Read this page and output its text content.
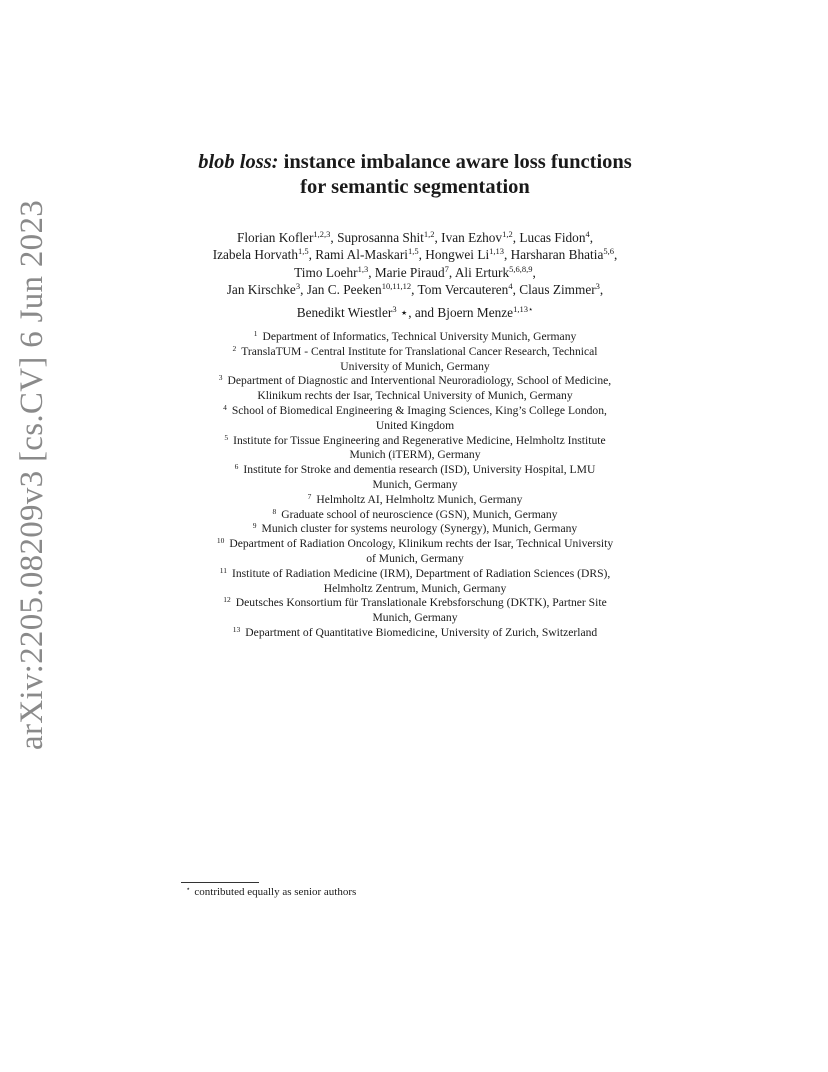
arXiv:2205.08209v3 [cs.CV] 6 Jun 2023
blob loss: instance imbalance aware loss functions
for semantic segmentation
Florian Kofler$^{1,2,3}$, Suprosanna Shit$^{1,2}$, Ivan Ezhov$^{1,2}$, Lucas Fidon$^4$,
Izabela Horvath$^{1,5}$, Rami Al-Maskari$^{1,5}$, Hongwei Li$^{1,13}$, Harsharan Bhatia$^{5,6}$,
Timo Loehr$^{1,3}$, Marie Piraud$^7$, Ali Erturk$^{5,6,8,9}$,
Jan Kirschke$^3$, Jan C. Peeken$^{10,11,12}$, Tom Vercauteren$^4$, Claus Zimmer$^3$,
Benedikt Wiestler$^3$ ⋆, and Bjoern Menze$^{1,13⋆}$
$^1$ Department of Informatics, Technical University Munich, Germany
$^2$ TranslaTUM - Central Institute for Translational Cancer Research, Technical
University of Munich, Germany
$^3$ Department of Diagnostic and Interventional Neuroradiology, School of Medicine,
Klinikum rechts der Isar, Technical University of Munich, Germany
$^4$ School of Biomedical Engineering & Imaging Sciences, King’s College London,
United Kingdom
$^5$ Institute for Tissue Engineering and Regenerative Medicine, Helmholtz Institute
Munich (iTERM), Germany
$^6$ Institute for Stroke and dementia research (ISD), University Hospital, LMU
Munich, Germany
$^7$ Helmholtz AI, Helmholtz Munich, Germany
$^8$ Graduate school of neuroscience (GSN), Munich, Germany
$^9$ Munich cluster for systems neurology (Synergy), Munich, Germany
$^{10}$ Department of Radiation Oncology, Klinikum rechts der Isar, Technical University
of Munich, Germany
$^{11}$ Institute of Radiation Medicine (IRM), Department of Radiation Sciences (DRS),
Helmholtz Zentrum, Munich, Germany
$^{12}$ Deutsches Konsortium für Translationale Krebsforschung (DKTK), Partner Site
Munich, Germany
$^{13}$ Department of Quantitative Biomedicine, University of Zurich, Switzerland
⋆ contributed equally as senior authors
